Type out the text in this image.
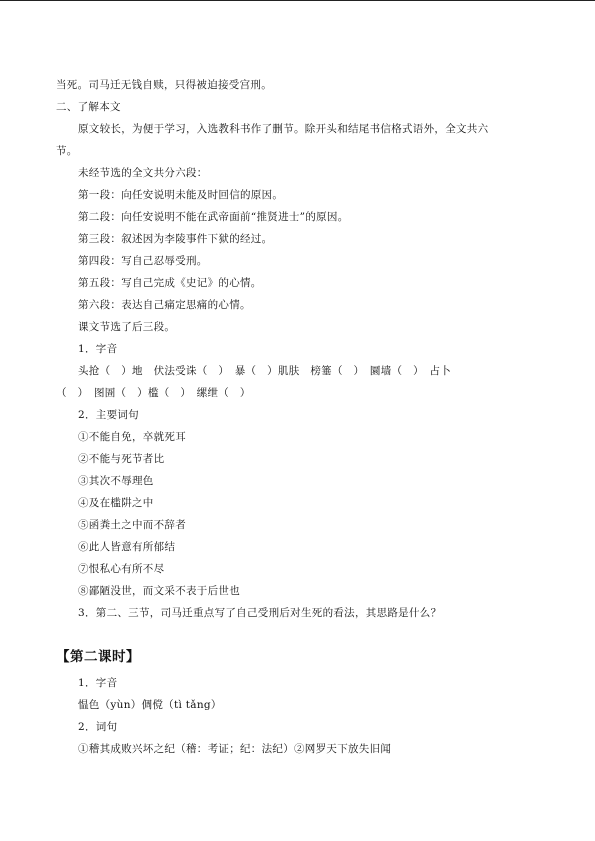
当死。司马迁无钱自赎，只得被迫接受宫刑。
二、了解本文
原文较长，为便于学习，入选教科书作了删节。除开头和结尾书信格式语外，全文共六
节。
未经节选的全文共分六段：
第一段：向任安说明未能及时回信的原因。
第二段：向任安说明不能在武帝面前“推贤进士”的原因。
第三段：叙述因为李陵事件下狱的经过。
第四段：写自己忍辱受刑。
第五段：写自己完成《史记》的心情。
第六段：表达自己痛定思痛的心情。
课文节选了后三段。
1．字音
头抢（　）地　伏法受诛（　）　暴（　）肌肤　榜箠（　）　圜墙（　）　占卜
（　）　图圄（　）槛（　）　缧绁（　）
2．主要词句
①不能自免，卒就死耳
②不能与死节者比
③其次不辱理色
④及在槛阱之中
⑤函粪土之中而不辞者
⑥此人皆意有所郁结
⑦恨私心有所不尽
⑧鄙陋没世，而文采不表于后世也
3．第二、三节，司马迁重点写了自己受刑后对生死的看法，其思路是什么？
【第二课时】
1．字音
愠色（yùn）倜傥（tì tǎng）
2．词句
①稽其成败兴坏之纪（稽：考证；纪：法纪）②网罗天下放失旧闻
